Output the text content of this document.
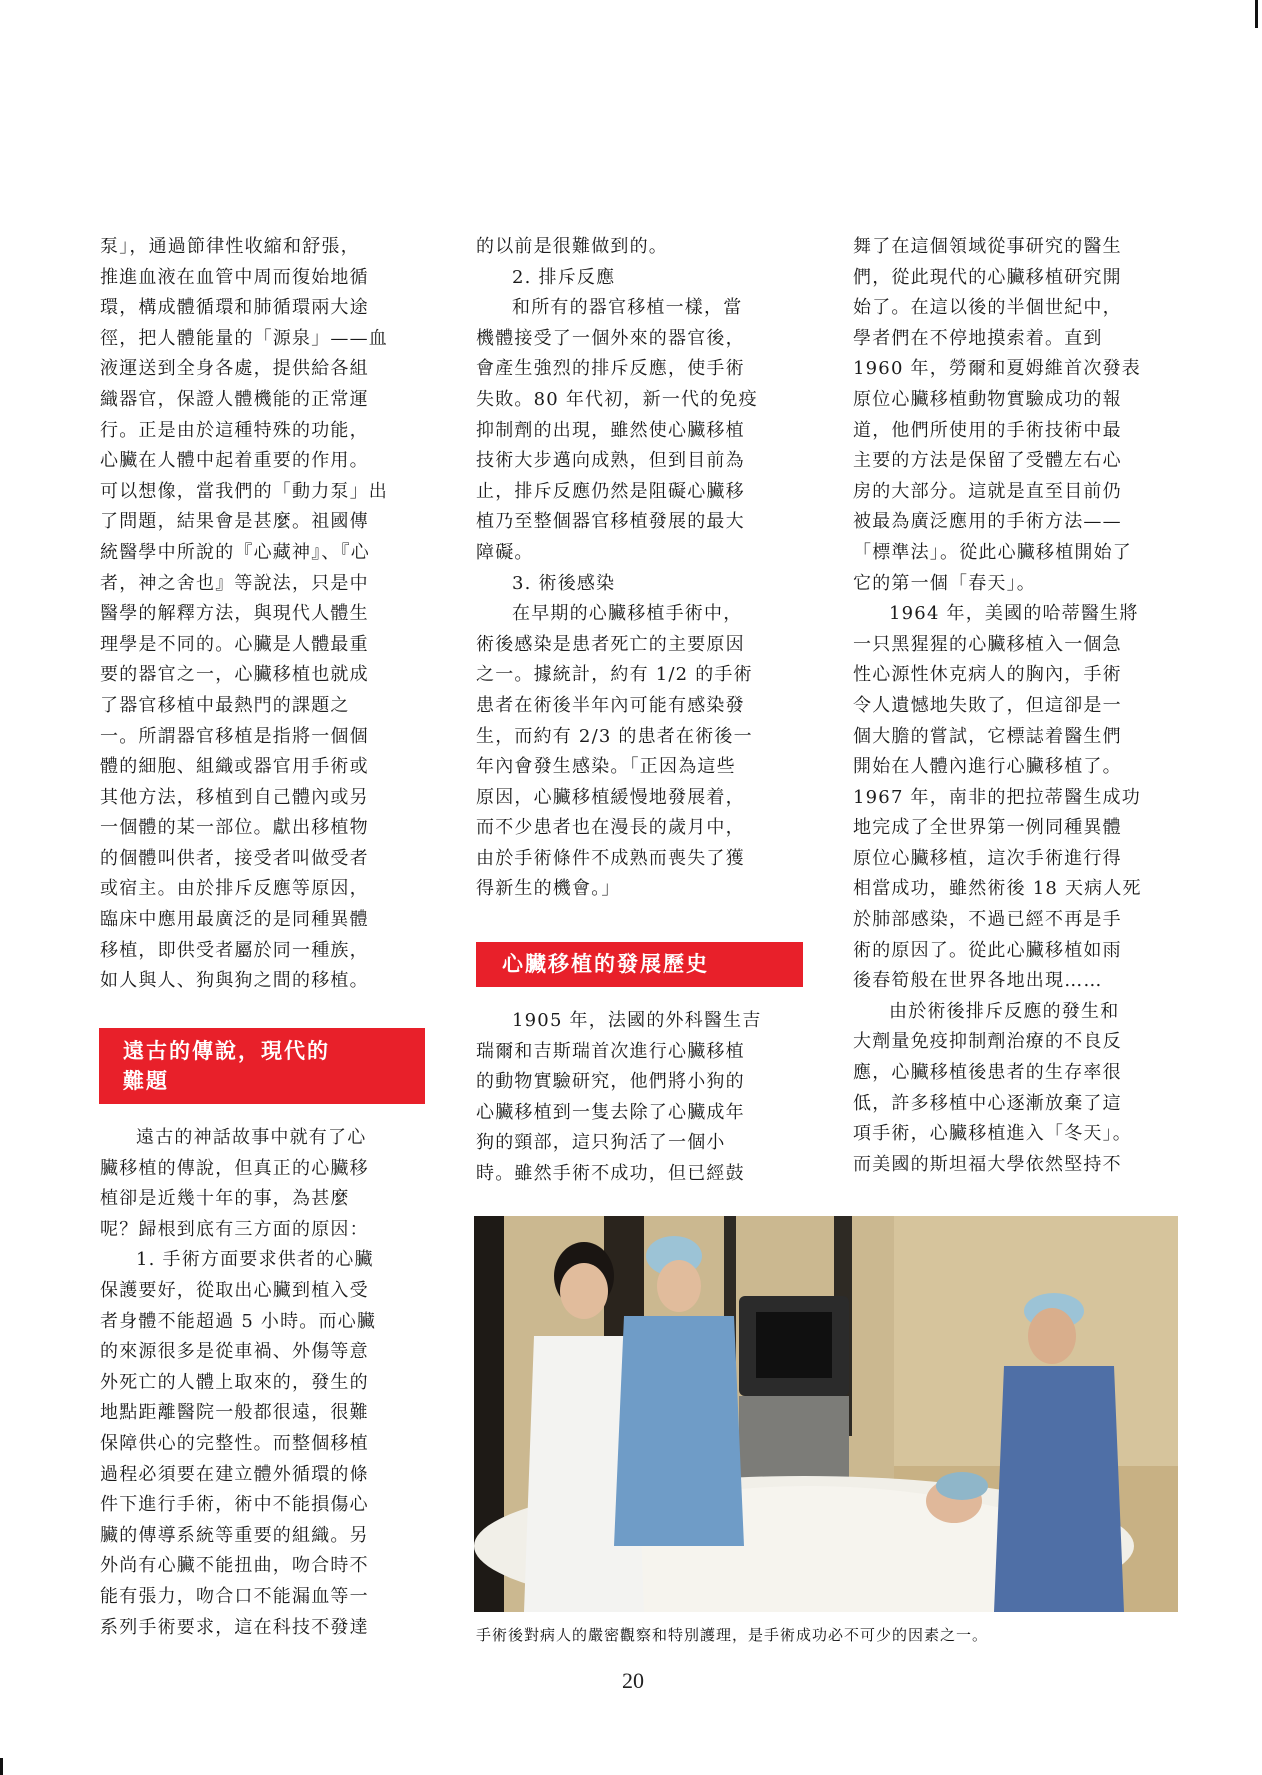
泵」，通過節律性收縮和舒張，

推進血液在血管中周而復始地循

環，構成體循環和肺循環兩大途

徑，把人體能量的「源泉」——血

液運送到全身各處，提供給各組

織器官，保證人體機能的正常運

行。正是由於這種特殊的功能，

心臟在人體中起着重要的作用。

可以想像，當我們的「動力泵」出

了問題，結果會是甚麼。祖國傳

統醫學中所說的『心藏神』、『心

者，神之舍也』等說法，只是中

醫學的解釋方法，與現代人體生

理學是不同的。心臟是人體最重

要的器官之一，心臟移植也就成

了器官移植中最熱門的課題之

一。所謂器官移植是指將一個個

體的細胞、組織或器官用手術或

其他方法，移植到自己體內或另

一個體的某一部位。獻出移植物

的個體叫供者，接受者叫做受者

或宿主。由於排斥反應等原因，

臨床中應用最廣泛的是同種異體

移植，即供受者屬於同一種族，

如人與人、狗與狗之間的移植。

遠古的傳說，現代的
難題

遠古的神話故事中就有了心

臟移植的傳說，但真正的心臟移

植卻是近幾十年的事，為甚麼

呢？歸根到底有三方面的原因：

1. 手術方面要求供者的心臟

保護要好，從取出心臟到植入受

者身體不能超過 5 小時。而心臟

的來源很多是從車禍、外傷等意

外死亡的人體上取來的，發生的

地點距離醫院一般都很遠，很難

保障供心的完整性。而整個移植

過程必須要在建立體外循環的條

件下進行手術，術中不能損傷心

臟的傳導系統等重要的組織。另

外尚有心臟不能扭曲，吻合時不

能有張力，吻合口不能漏血等一

系列手術要求，這在科技不發達

的以前是很難做到的。

2. 排斥反應

和所有的器官移植一樣，當

機體接受了一個外來的器官後，

會產生強烈的排斥反應，使手術

失敗。80 年代初，新一代的免疫

抑制劑的出現，雖然使心臟移植

技術大步邁向成熟，但到目前為

止，排斥反應仍然是阻礙心臟移

植乃至整個器官移植發展的最大

障礙。

3. 術後感染

在早期的心臟移植手術中，

術後感染是患者死亡的主要原因

之一。據統計，約有 1/2 的手術

患者在術後半年內可能有感染發

生，而約有 2/3 的患者在術後一

年內會發生感染。「正因為這些

原因，心臟移植緩慢地發展着，

而不少患者也在漫長的歲月中，

由於手術條件不成熟而喪失了獲

得新生的機會。」

心臟移植的發展歷史

1905 年，法國的外科醫生吉

瑞爾和吉斯瑞首次進行心臟移植

的動物實驗研究，他們將小狗的

心臟移植到一隻去除了心臟成年

狗的頸部，這只狗活了一個小

時。雖然手術不成功，但已經鼓

舞了在這個領域從事研究的醫生

們，從此現代的心臟移植研究開

始了。在這以後的半個世紀中，

學者們在不停地摸索着。直到

1960 年，勞爾和夏姆維首次發表

原位心臟移植動物實驗成功的報

道，他們所使用的手術技術中最

主要的方法是保留了受體左右心

房的大部分。這就是直至目前仍

被最為廣泛應用的手術方法——

「標準法」。從此心臟移植開始了

它的第一個「春天」。

1964 年，美國的哈蒂醫生將

一只黑猩猩的心臟移植入一個急

性心源性休克病人的胸內，手術

令人遺憾地失敗了，但這卻是一

個大膽的嘗試，它標誌着醫生們

開始在人體內進行心臟移植了。

1967 年，南非的把拉蒂醫生成功

地完成了全世界第一例同種異體

原位心臟移植，這次手術進行得

相當成功，雖然術後 18 天病人死

於肺部感染，不過已經不再是手

術的原因了。從此心臟移植如雨

後春筍般在世界各地出現……

由於術後排斥反應的發生和

大劑量免疫抑制劑治療的不良反

應，心臟移植後患者的生存率很

低，許多移植中心逐漸放棄了這

項手術，心臟移植進入「冬天」。

而美國的斯坦福大學依然堅持不

手術後對病人的嚴密觀察和特別護理，是手術成功必不可少的因素之一。
20
